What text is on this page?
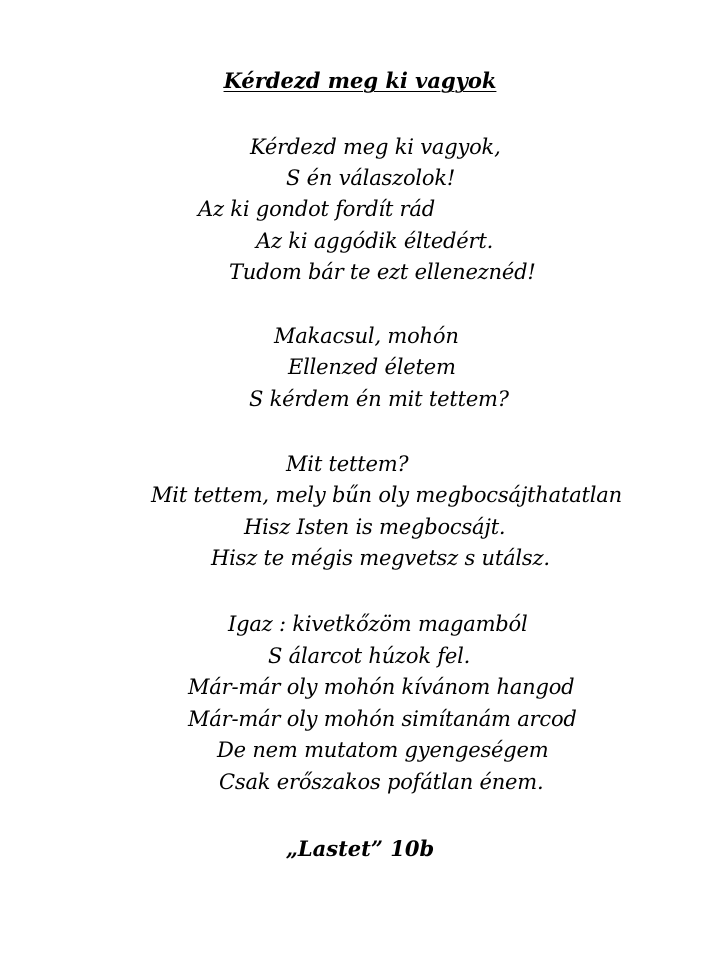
Kérdezd meg ki vagyok
Kérdezd meg ki vagyok,
S én válaszolok!
Az ki gondot fordít rád
Az ki aggódik éltedért.
Tudom bár te ezt elleneznéd!
Makacsul, mohón
Ellenzed életem
S kérdem én mit tettem?
Mit tettem?
Mit tettem, mely bűn oly megbocsájthatatlan
Hisz Isten is megbocsájt.
Hisz te mégis megvetsz s utálsz.
Igaz : kivetkőzöm magamból
S álarcot húzok fel.
Már-már oly mohón kívánom hangod
Már-már oly mohón simítanám arcod
De nem mutatom gyengeségem
Csak erőszakos pofátlan énem.
„Lastet” 10b
